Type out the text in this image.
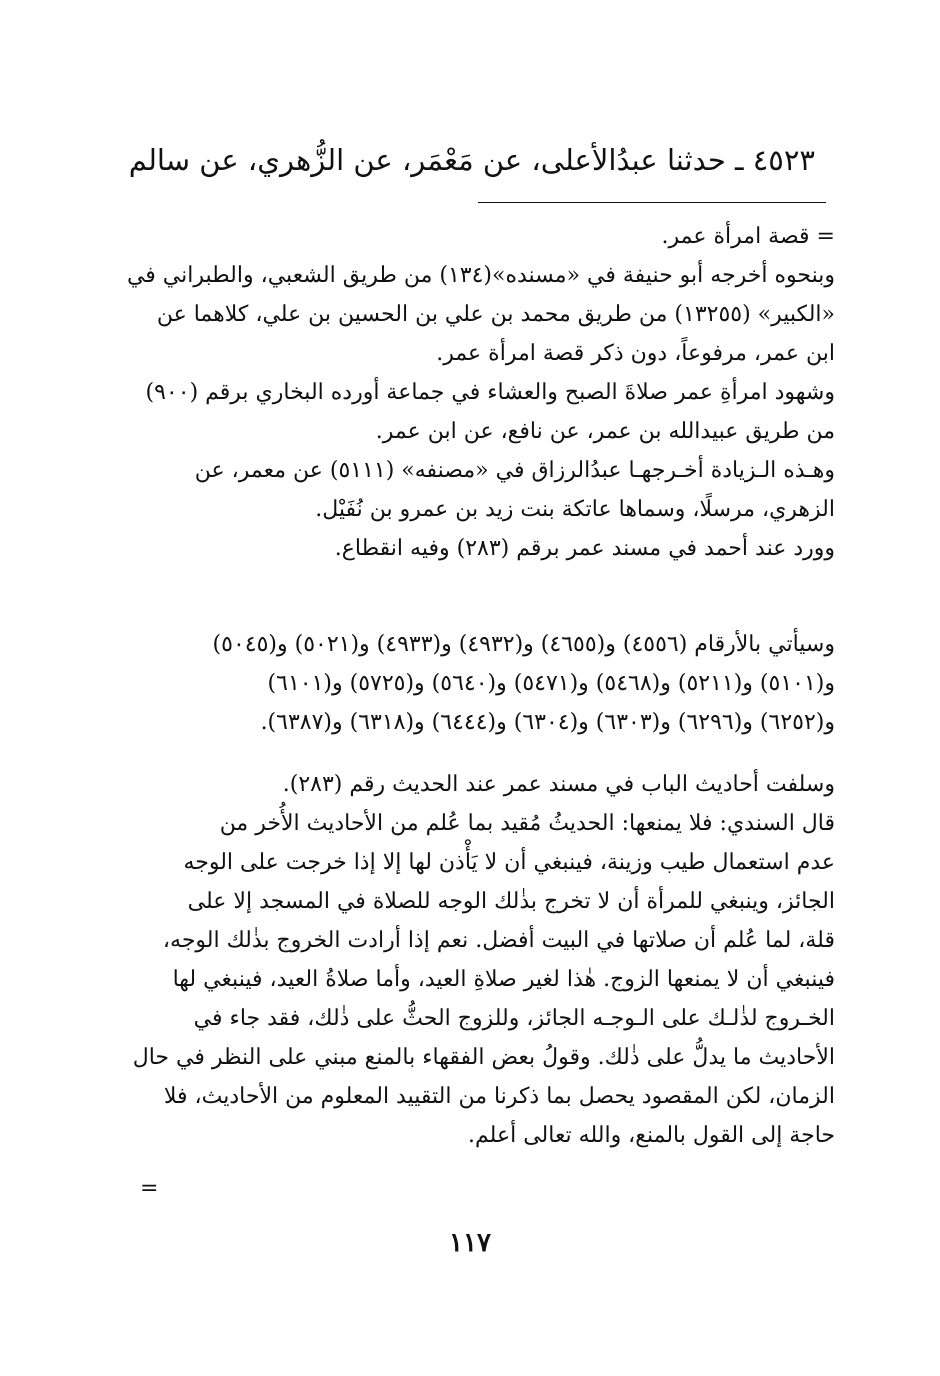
٤٥٢٣ ـ حدثنا عبدُالأعلى، عن مَعْمَر، عن الزُّهري، عن سالم
= قصة امرأة عمر.
وبنحوه أخرجه أبو حنيفة في «مسنده»(١٣٤) من طريق الشعبي، والطبراني في
«الكبير» (١٣٢٥٥) من طريق محمد بن علي بن الحسين بن علي، كلاهما عن
ابن عمر، مرفوعاً، دون ذكر قصة امرأة عمر.
وشهود امرأةِ عمر صلاةَ الصبح والعشاء في جماعة أورده البخاري برقم (٩٠٠)
من طريق عبيدالله بن عمر، عن نافع، عن ابن عمر.
وهـذه الـزيادة أخـرجهـا عبدُالرزاق في «مصنفه» (٥١١١) عن معمر، عن
الزهري، مرسلًا، وسماها عاتكة بنت زيد بن عمرو بن نُفَيْل.
وورد عند أحمد في مسند عمر برقم (٢٨٣) وفيه انقطاع.
وسيأتي بالأرقام (٤٥٥٦) و(٤٦٥٥) و(٤٩٣٢) و(٤٩٣٣) و(٥٠٢١) و(٥٠٤٥)
و(٥١٠١) و(٥٢١١) و(٥٤٦٨) و(٥٤٧١) و(٥٦٤٠) و(٥٧٢٥) و(٦١٠١)
و(٦٢٥٢) و(٦٢٩٦) و(٦٣٠٣) و(٦٣٠٤) و(٦٤٤٤) و(٦٣١٨) و(٦٣٨٧).
وسلفت أحاديث الباب في مسند عمر عند الحديث رقم (٢٨٣).
قال السندي: فلا يمنعها: الحديثُ مُقيد بما عُلم من الأحاديث الأُخر من
عدم استعمال طيب وزينة، فينبغي أن لا يَأْذن لها إلا إذا خرجت على الوجه
الجائز، وينبغي للمرأة أن لا تخرج بذٰلك الوجه للصلاة في المسجد إلا على
قلة، لما عُلم أن صلاتها في البيت أفضل. نعم إذا أرادت الخروج بذٰلك الوجه،
فينبغي أن لا يمنعها الزوج. هٰذا لغير صلاةِ العيد، وأما صلاةُ العيد، فينبغي لها
الخـروج لذٰلـك على الـوجـه الجائز، وللزوج الحثُّ على ذٰلك، فقد جاء في
الأحاديث ما يدلُّ على ذٰلك. وقولُ بعض الفقهاء بالمنع مبني على النظر في حال
الزمان، لكن المقصود يحصل بما ذكرنا من التقييد المعلوم من الأحاديث، فلا
حاجة إلى القول بالمنع، والله تعالى أعلم.
=
١١٧
